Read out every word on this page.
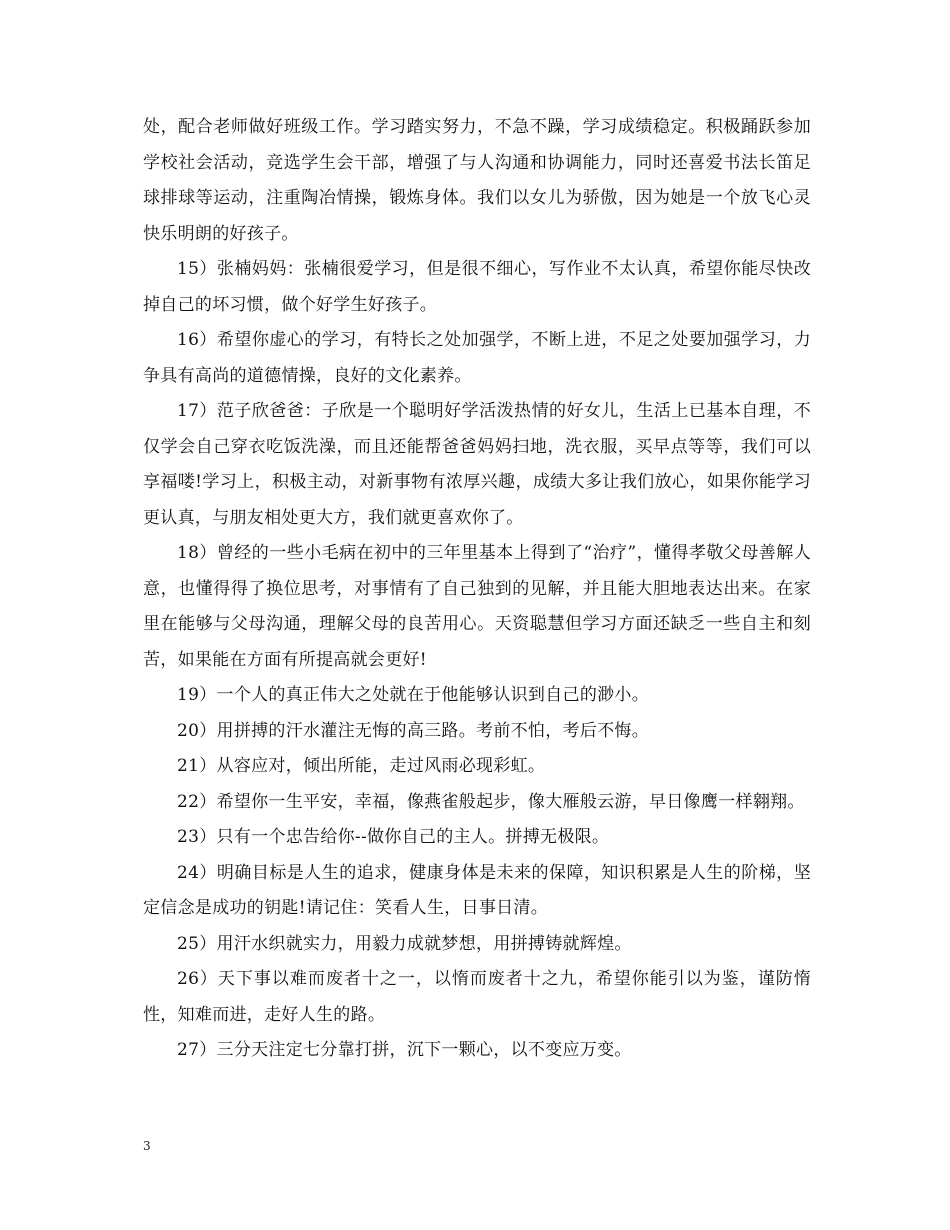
处，配合老师做好班级工作。学习踏实努力，不急不躁，学习成绩稳定。积极踊跃参加学校社会活动，竞选学生会干部，增强了与人沟通和协调能力，同时还喜爱书法长笛足球排球等运动，注重陶冶情操，锻炼身体。我们以女儿为骄傲，因为她是一个放飞心灵快乐明朗的好孩子。

15）张楠妈妈：张楠很爱学习，但是很不细心，写作业不太认真，希望你能尽快改掉自己的坏习惯，做个好学生好孩子。

16）希望你虚心的学习，有特长之处加强学，不断上进，不足之处要加强学习，力争具有高尚的道德情操，良好的文化素养。

17）范子欣爸爸：子欣是一个聪明好学活泼热情的好女儿，生活上已基本自理，不仅学会自己穿衣吃饭洗澡，而且还能帮爸爸妈妈扫地，洗衣服，买早点等等，我们可以享福喽!学习上，积极主动，对新事物有浓厚兴趣，成绩大多让我们放心，如果你能学习更认真，与朋友相处更大方，我们就更喜欢你了。

18）曾经的一些小毛病在初中的三年里基本上得到了“治疗”，懂得孝敬父母善解人意，也懂得得了换位思考，对事情有了自己独到的见解，并且能大胆地表达出来。在家里在能够与父母沟通，理解父母的良苦用心。天资聪慧但学习方面还缺乏一些自主和刻苦，如果能在方面有所提高就会更好!

19）一个人的真正伟大之处就在于他能够认识到自己的渺小。

20）用拼搏的汗水灌注无悔的高三路。考前不怕，考后不悔。

21）从容应对，倾出所能，走过风雨必现彩虹。

22）希望你一生平安，幸福，像燕雀般起步，像大雁般云游，早日像鹰一样翱翔。

23）只有一个忠告给你--做你自己的主人。拼搏无极限。

24）明确目标是人生的追求，健康身体是未来的保障，知识积累是人生的阶梯，坚定信念是成功的钥匙!请记住：笑看人生，日事日清。

25）用汗水织就实力，用毅力成就梦想，用拼搏铸就辉煌。

26）天下事以难而废者十之一，以惰而废者十之九，希望你能引以为鉴，谨防惰性，知难而进，走好人生的路。

27）三分天注定七分靠打拼，沉下一颗心，以不变应万变。

3
